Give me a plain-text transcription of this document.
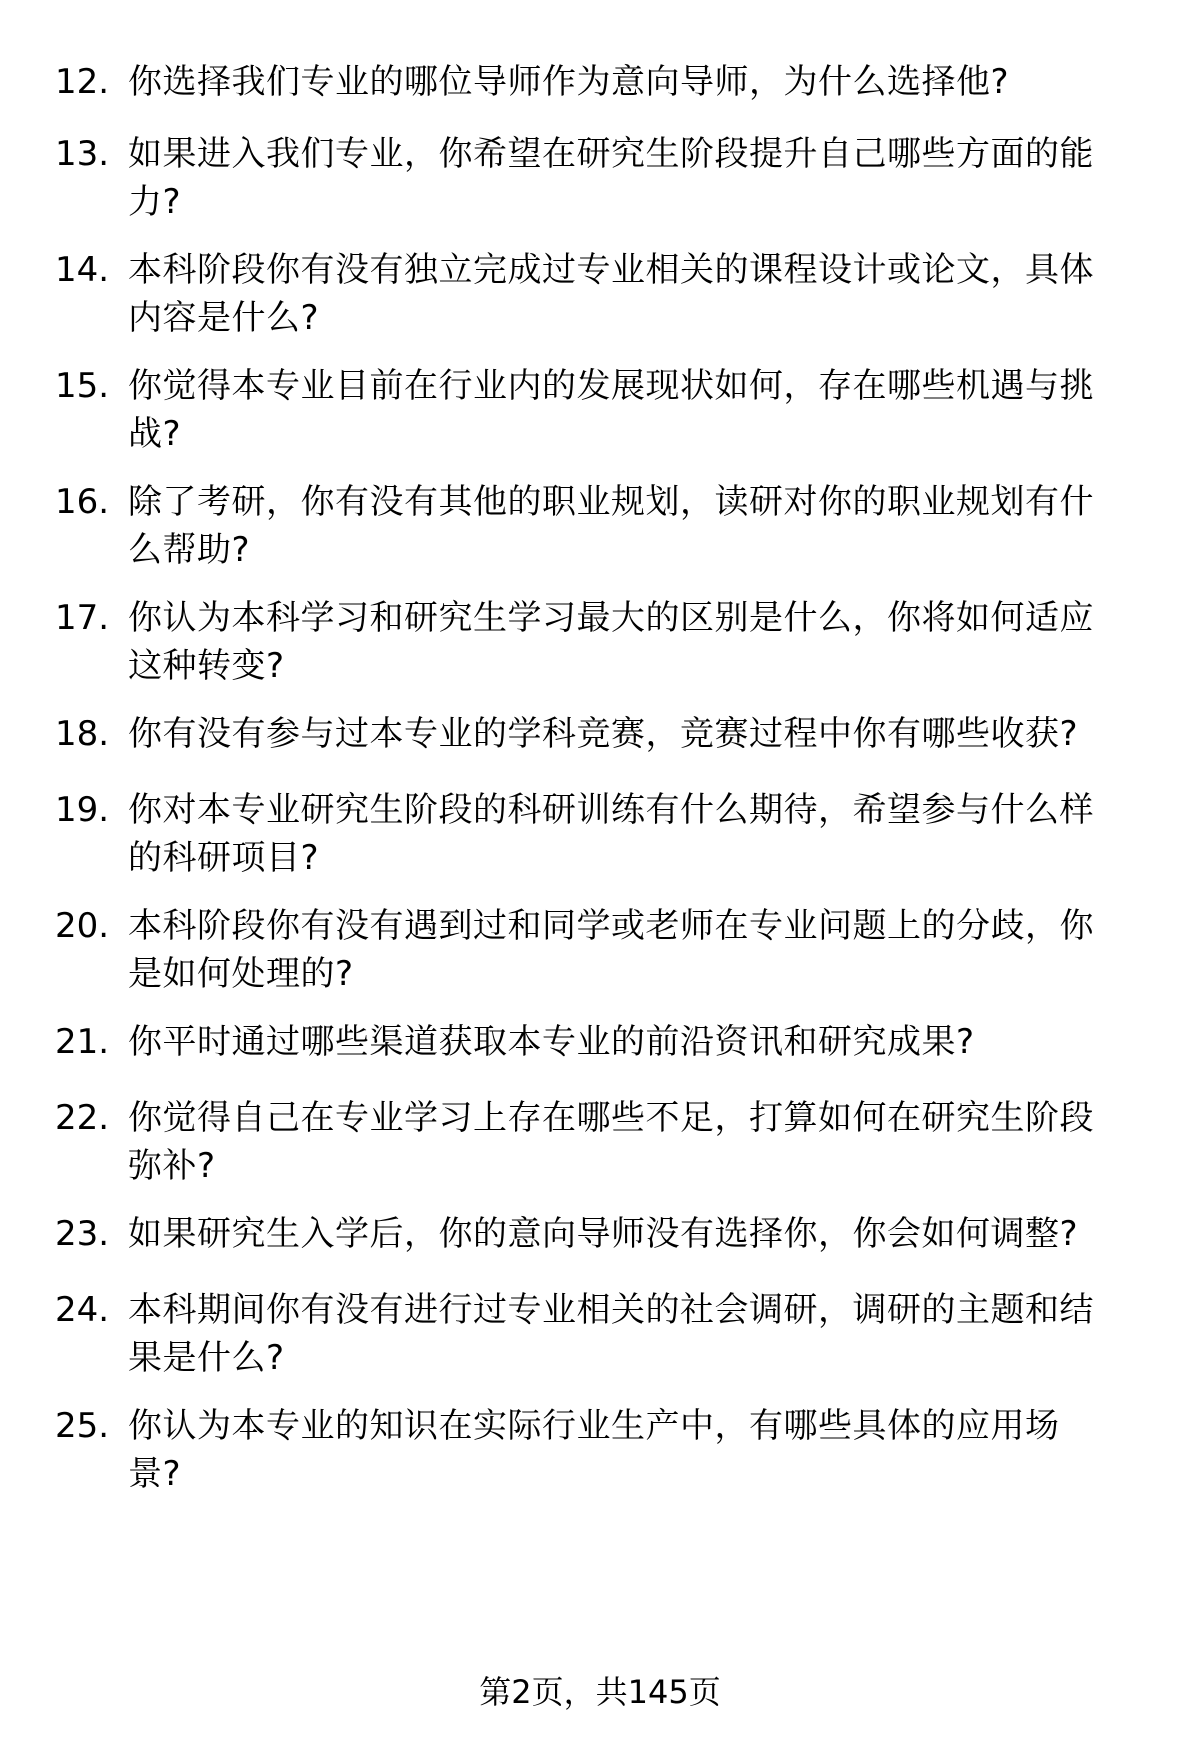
12. 你选择我们专业的哪位导师作为意向导师，为什么选择他?
13. 如果进入我们专业，你希望在研究生阶段提升自己哪些方面的能
力?
14. 本科阶段你有没有独立完成过专业相关的课程设计或论文，具体
内容是什么?
15. 你觉得本专业目前在行业内的发展现状如何，存在哪些机遇与挑
战?
16. 除了考研，你有没有其他的职业规划，读研对你的职业规划有什
么帮助?
17. 你认为本科学习和研究生学习最大的区别是什么，你将如何适应
这种转变?
18. 你有没有参与过本专业的学科竞赛，竞赛过程中你有哪些收获?
19. 你对本专业研究生阶段的科研训练有什么期待，希望参与什么样
的科研项目?
20. 本科阶段你有没有遇到过和同学或老师在专业问题上的分歧，你
是如何处理的?
21. 你平时通过哪些渠道获取本专业的前沿资讯和研究成果?
22. 你觉得自己在专业学习上存在哪些不足，打算如何在研究生阶段
弥补?
23. 如果研究生入学后，你的意向导师没有选择你，你会如何调整?
24. 本科期间你有没有进行过专业相关的社会调研，调研的主题和结
果是什么?
25. 你认为本专业的知识在实际行业生产中，有哪些具体的应用场
景?
第2页，共145页
